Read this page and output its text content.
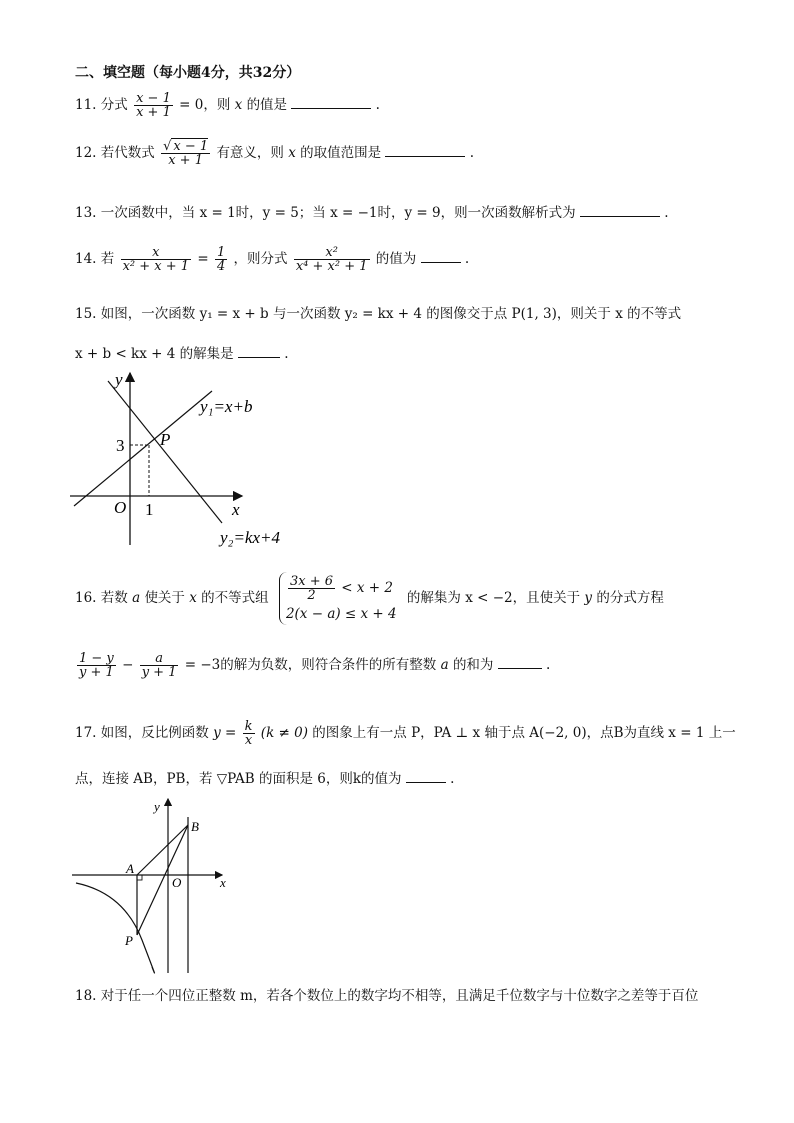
二、填空题（每小题4分，共32分）
11. 分式 $\frac{x - 1}{x + 1} = 0$，则 x 的值是	.
12. 若代数式 $\frac{√ x - 1}{x + 1}$ 有意义，则 x 的取值范围是	.
13. 一次函数中，当 x = 1时，y = 5；当 x = −1时，y = 9，则一次函数解析式为	.
14. 若 $\frac{x}{\text{x² + x + 1}} = \frac{1}{4}$ ，则分式 $\frac{\text{x²}}{\text{x⁴ + x² + 1}}$ 的值为	.
15. 如图，一次函数 y₁ = x + b 与一次函数 y₂ = kx + 4 的图像交于点 P(1, 3)，则关于 x 的不等式
x + b < kx + 4 的解集是	.
y
x
O 1
3 P
y₁=x+b
y₂=kx+4
16. 若数 a 使关于 x 的不等式组 $\frac{3x + 6}{2} < x + 2$
2(x − a) ≤ x + 4
的解集为 x < −2，且使关于 y 的分式方程
$\frac{1 - y}{y + 1} - \frac{a}{y + 1} = -3$的解为负数，则符合条件的所有整数 a 的和为	.
17. 如图，反比例函数 $y = \frac{k}{x} (k \ne 0)$ 的图象上有一点 P，PA ⊥ x 轴于点 A(−2, 0)，点B为直线 x = 1 上一
点，连接 AB，PB，若 ▽PAB 的面积是 6，则k的值为	.
y
x
O
A
B
P
18. 对于任一个四位正整数 m，若各个数位上的数字均不相等，且满足千位数字与十位数字之差等于百位
